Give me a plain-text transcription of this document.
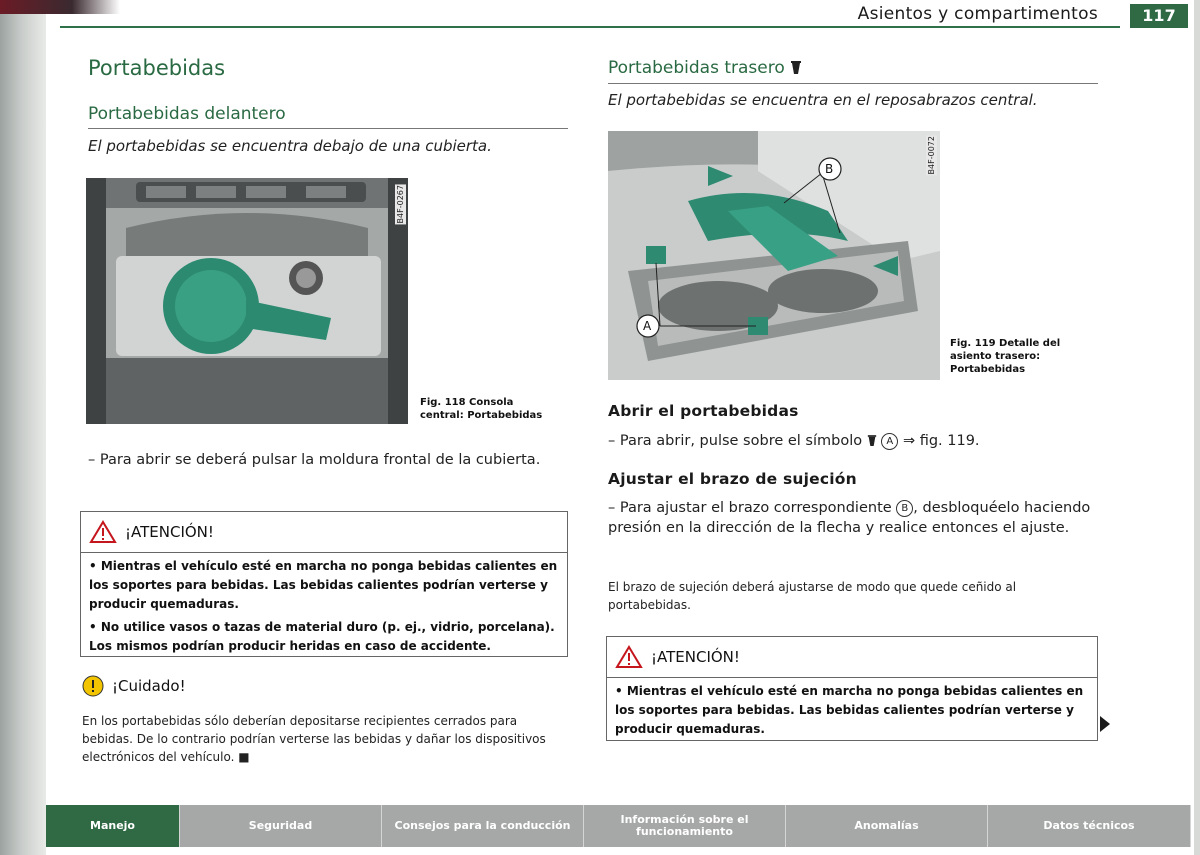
Asientos y compartimentos	117
Portabebidas
Portabebidas delantero
El portabebidas se encuentra debajo de una cubierta.
B4F-0267
Fig. 118 Consola central: Portabebidas
– Para abrir se deberá pulsar la moldura frontal de la cubierta.
¡ATENCIÓN!
• Mientras el vehículo esté en marcha no ponga bebidas calientes en los soportes para bebidas. Las bebidas calientes podrían verterse y producir quemaduras.
• No utilice vasos o tazas de material duro (p. ej., vidrio, porcelana). Los mismos podrían producir heridas en caso de accidente.
¡Cuidado!
En los portabebidas sólo deberían depositarse recipientes cerrados para bebidas. De lo contrario podrían verterse las bebidas y dañar los dispositivos electrónicos del vehículo. ■
Portabebidas trasero
El portabebidas se encuentra en el reposabrazos central.
A
B	B4F-0072
Fig. 119 Detalle del asiento trasero: Portabebidas
Abrir el portabebidas
– Para abrir, pulse sobre el símbolo A ⇒ fig. 119.
Ajustar el brazo de sujeción
– Para ajustar el brazo correspondiente B , desbloquéelo haciendo presión en la dirección de la flecha y realice entonces el ajuste.
El brazo de sujeción deberá ajustarse de modo que quede ceñido al portabebidas.
¡ATENCIÓN!
• Mientras el vehículo esté en marcha no ponga bebidas calientes en los soportes para bebidas. Las bebidas calientes podrían verterse y producir quemaduras.
Manejo	Seguridad	Consejos para la conducción	Información sobre el funcionamiento	Anomalías	Datos técnicos
